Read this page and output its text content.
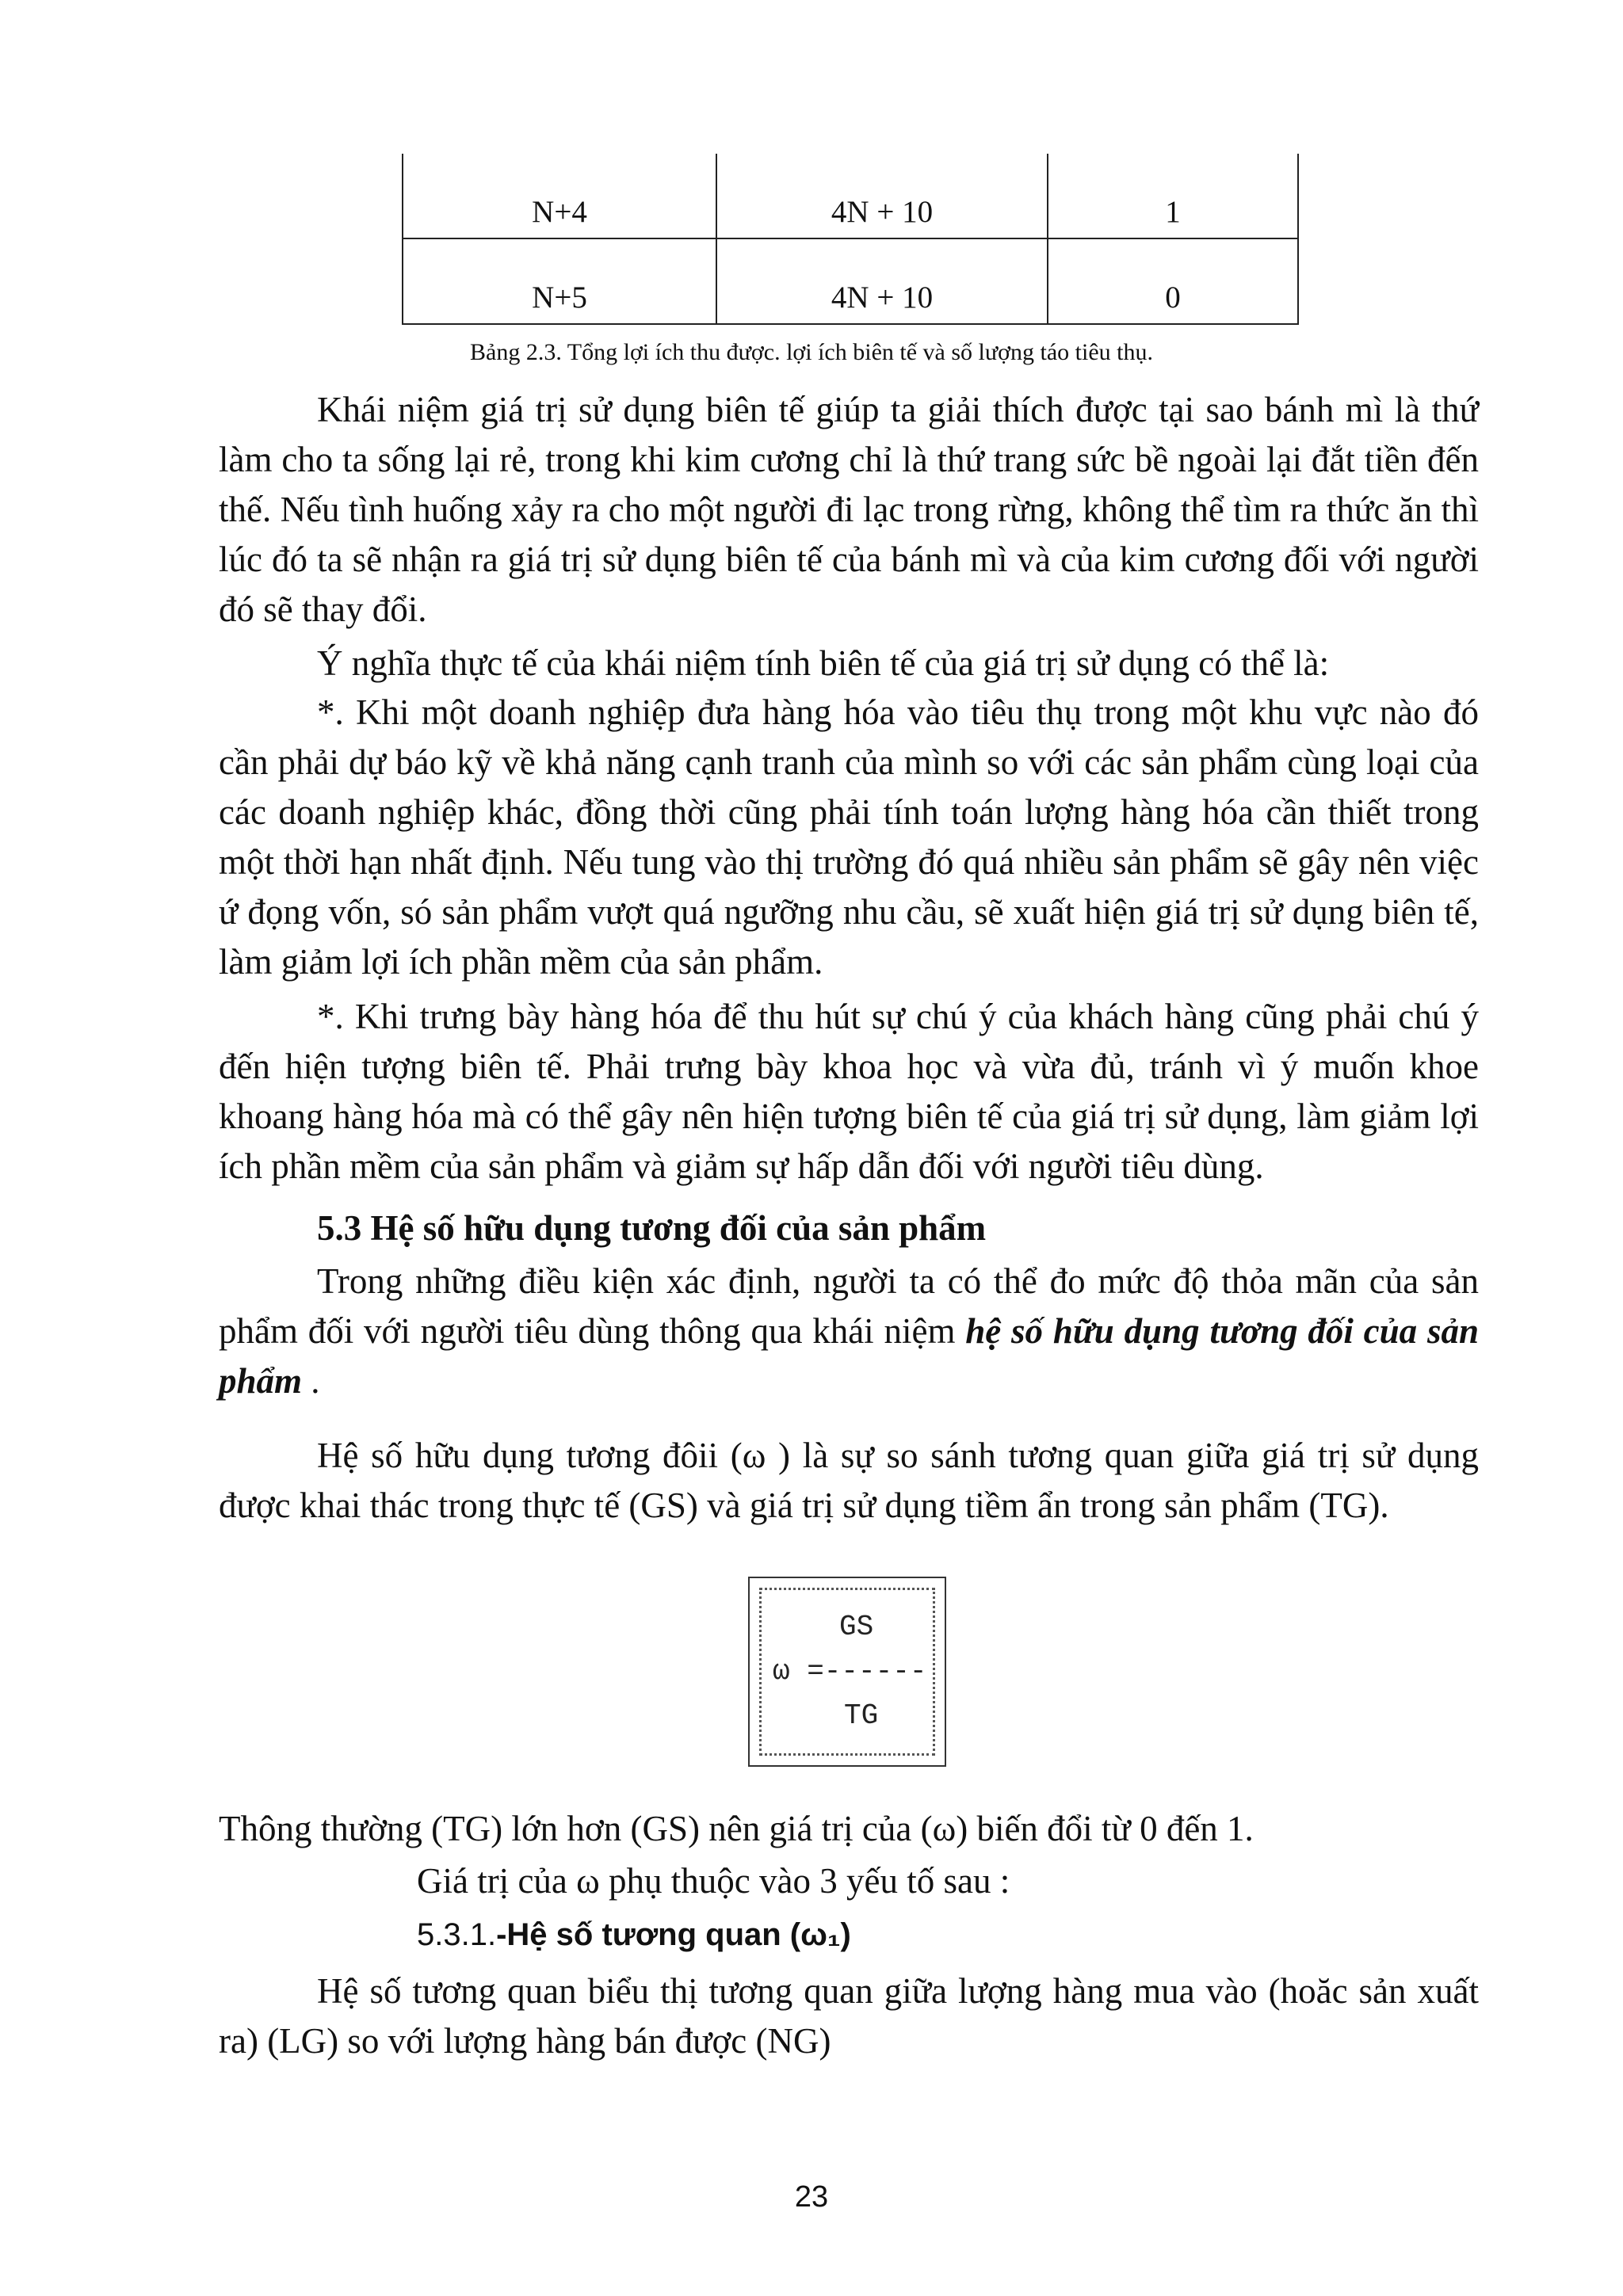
N+4	4N + 10	1
N+5	4N + 10	0
Bảng 2.3. Tổng lợi ích thu được. lợi ích biên tế và số lượng táo tiêu thụ.
Khái niệm giá trị sử dụng biên tế giúp ta giải thích được tại sao bánh mì là thứ làm cho ta sống lại rẻ, trong khi kim cương chỉ là thứ trang sức bề ngoài lại đắt tiền đến thế. Nếu tình huống xảy ra cho một người đi lạc trong rừng, không thể tìm ra thức ăn thì lúc đó ta sẽ nhận ra giá trị sử dụng biên tế của bánh mì và của kim cương đối với người đó sẽ thay đổi.
Ý nghĩa thực tế của khái niệm tính biên tế của giá trị sử dụng có thể là:
*. Khi một doanh nghiệp đưa hàng hóa vào tiêu thụ trong một khu vực nào đó cần phải dự báo kỹ về khả năng cạnh tranh của mình so với các sản phẩm cùng loại của các doanh nghiệp khác, đồng thời cũng phải tính toán lượng hàng hóa cần thiết trong một thời hạn nhất định. Nếu tung vào thị trường đó quá nhiều sản phẩm sẽ gây nên việc ứ đọng vốn, só sản phẩm vượt quá ngưỡng nhu cầu, sẽ xuất hiện giá trị sử dụng biên tế, làm giảm lợi ích phần mềm của sản phẩm.
*. Khi trưng bày hàng hóa để thu hút sự chú ý của khách hàng cũng phải chú ý đến hiện tượng biên tế. Phải trưng bày khoa học và vừa đủ, tránh vì ý muốn khoe khoang hàng hóa mà có thể gây nên hiện tượng biên tế của giá trị sử dụng, làm giảm lợi ích phần mềm của sản phẩm và giảm sự hấp dẫn đối với người tiêu dùng.
5.3 Hệ số hữu dụng tương đối của sản phẩm
Trong những điều kiện xác định, người ta có thể đo mức độ thỏa mãn của sản phẩm đối với người tiêu dùng thông qua khái niệm hệ số hữu dụng tương đối của sản phẩm .
Hệ số hữu dụng tương đôii (ω ) là sự so sánh tương quan giữa giá trị sử dụng được khai thác trong thực tế (GS) và giá trị sử dụng tiềm ẩn trong sản phẩm (TG).
GS
ω =------
TG
Thông thường (TG) lớn hơn (GS) nên giá trị của (ω) biến đổi từ 0 đến 1.
Giá trị của ω phụ thuộc vào 3 yếu tố sau :
5.3.1.-Hệ số tương quan (ω₁)
Hệ số tương quan biểu thị tương quan giữa lượng hàng mua vào (hoăc sản xuất ra) (LG) so với lượng hàng bán được (NG)
23
